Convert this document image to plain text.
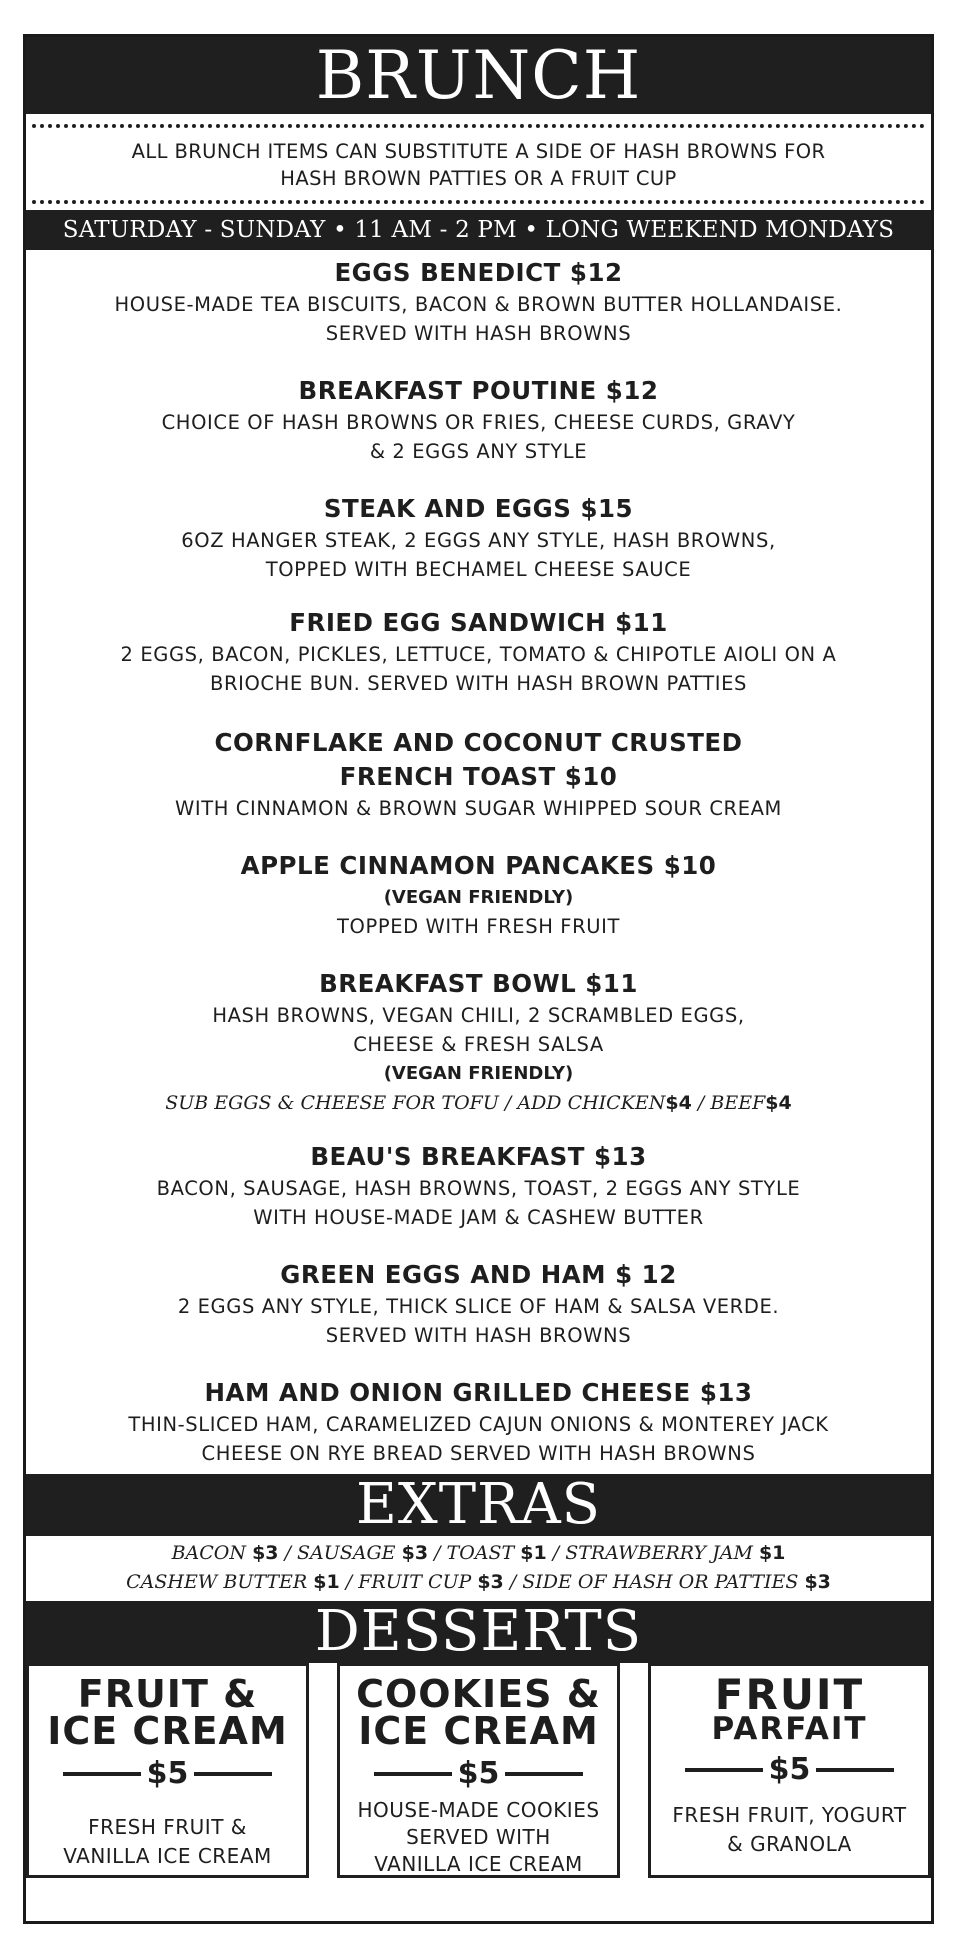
BRUNCH
ALL BRUNCH ITEMS CAN SUBSTITUTE A SIDE OF HASH BROWNS FOR
HASH BROWN PATTIES OR A FRUIT CUP
SATURDAY - SUNDAY • 11 AM - 2 PM • LONG WEEKEND MONDAYS
EGGS BENEDICT $12
HOUSE-MADE TEA BISCUITS, BACON & BROWN BUTTER HOLLANDAISE.
SERVED WITH HASH BROWNS
BREAKFAST POUTINE $12
CHOICE OF HASH BROWNS OR FRIES, CHEESE CURDS, GRAVY
& 2 EGGS ANY STYLE
STEAK AND EGGS $15
6OZ HANGER STEAK, 2 EGGS ANY STYLE, HASH BROWNS,
TOPPED WITH BECHAMEL CHEESE SAUCE
FRIED EGG SANDWICH $11
2 EGGS, BACON, PICKLES, LETTUCE, TOMATO & CHIPOTLE AIOLI ON A
BRIOCHE BUN. SERVED WITH HASH BROWN PATTIES
CORNFLAKE AND COCONUT CRUSTED
FRENCH TOAST $10
WITH CINNAMON & BROWN SUGAR WHIPPED SOUR CREAM
APPLE CINNAMON PANCAKES $10
(VEGAN FRIENDLY)
TOPPED WITH FRESH FRUIT
BREAKFAST BOWL $11
HASH BROWNS, VEGAN CHILI, 2 SCRAMBLED EGGS,
CHEESE & FRESH SALSA
(VEGAN FRIENDLY)
SUB EGGS & CHEESE FOR TOFU / ADD CHICKEN$4 / BEEF$4
BEAU'S BREAKFAST $13
BACON, SAUSAGE, HASH BROWNS, TOAST, 2 EGGS ANY STYLE
WITH HOUSE-MADE JAM & CASHEW BUTTER
GREEN EGGS AND HAM $ 12
2 EGGS ANY STYLE, THICK SLICE OF HAM & SALSA VERDE.
SERVED WITH HASH BROWNS
HAM AND ONION GRILLED CHEESE $13
THIN-SLICED HAM, CARAMELIZED CAJUN ONIONS & MONTEREY JACK
CHEESE ON RYE BREAD SERVED WITH HASH BROWNS
EXTRAS
BACON $3 / SAUSAGE $3 / TOAST $1 / STRAWBERRY JAM $1
CASHEW BUTTER $1 / FRUIT CUP $3 / SIDE OF HASH OR PATTIES $3
DESSERTS
FRUIT &
ICE CREAM
$5
FRESH FRUIT &
VANILLA ICE CREAM
COOKIES &
ICE CREAM
$5
HOUSE-MADE COOKIES
SERVED WITH
VANILLA ICE CREAM
FRUIT
PARFAIT
$5
FRESH FRUIT, YOGURT
& GRANOLA
